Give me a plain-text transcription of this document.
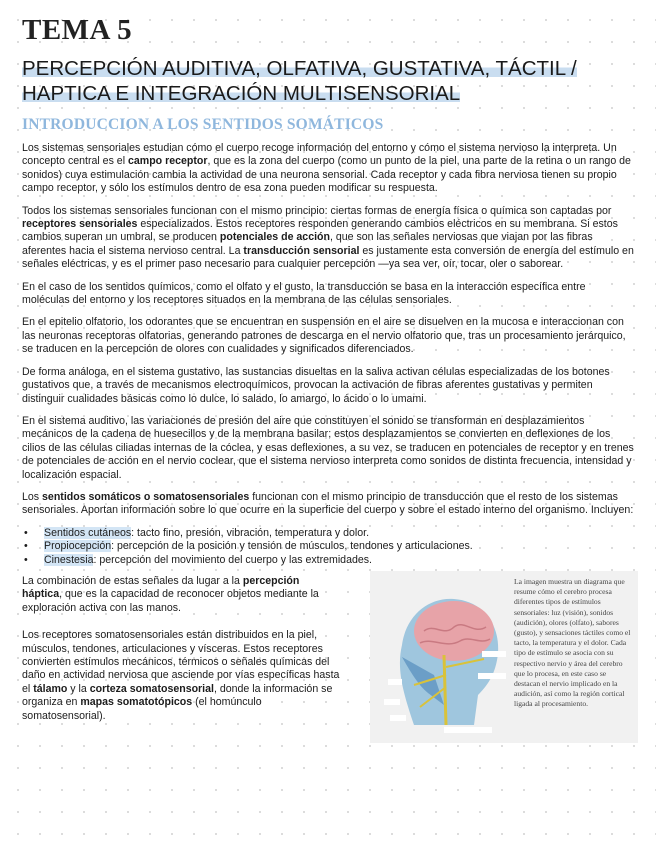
TEMA 5
PERCEPCIÓN AUDITIVA, OLFATIVA, GUSTATIVA, TÁCTIL /
HAPTICA E INTEGRACIÓN MULTISENSORIAL
INTRODUCCION A LOS SENTIDOS SOMÁTICOS

Los sistemas sensoriales estudian cómo el cuerpo recoge información del entorno y cómo el sistema nervioso la interpreta. Un concepto central es el campo receptor, que es la zona del cuerpo (como un punto de la piel, una parte de la retina o un rango de sonidos) cuya estimulación cambia la actividad de una neurona sensorial. Cada receptor y cada fibra nerviosa tienen su propio campo receptor, y sólo los estímulos dentro de esa zona pueden modificar su respuesta.

Todos los sistemas sensoriales funcionan con el mismo principio: ciertas formas de energía física o química son captadas por receptores sensoriales especializados. Estos receptores responden generando cambios eléctricos en su membrana. Si estos cambios superan un umbral, se producen potenciales de acción, que son las señales nerviosas que viajan por las fibras aferentes hacia el sistema nervioso central. La transducción sensorial es justamente esta conversión de energía del estímulo en señales eléctricas, y es el primer paso necesario para cualquier percepción —ya sea ver, oír, tocar, oler o saborear.

En el caso de los sentidos químicos, como el olfato y el gusto, la transducción se basa en la interacción específica entre moléculas del entorno y los receptores situados en la membrana de las células sensoriales.

En el epitelio olfatorio, los odorantes que se encuentran en suspensión en el aire se disuelven en la mucosa e interaccionan con las neuronas receptoras olfatorias, generando patrones de descarga en el nervio olfatorio que, tras un procesamiento jerárquico, se traducen en la percepción de olores con cualidades y significados diferenciados.

De forma análoga, en el sistema gustativo, las sustancias disueltas en la saliva activan células especializadas de los botones gustativos que, a través de mecanismos electroquímicos, provocan la activación de fibras aferentes gustativas y permiten distinguir cualidades básicas como lo dulce, lo salado, lo amargo, lo ácido o lo umami.

En el sistema auditivo, las variaciones de presión del aire que constituyen el sonido se transforman en desplazamientos mecánicos de la cadena de huesecillos y de la membrana basilar; estos desplazamientos se convierten en deflexiones de los cilios de las células ciliadas internas de la cóclea, y esas deflexiones, a su vez, se traducen en potenciales de receptor y en trenes de potenciales de acción en el nervio coclear, que el sistema nervioso interpreta como sonidos de distinta frecuencia, intensidad y localización espacial.

Los sentidos somáticos o somatosensoriales funcionan con el mismo principio de transducción que el resto de los sistemas sensoriales. Aportan información sobre lo que ocurre en la superficie del cuerpo y sobre el estado interno del organismo. Incluyen:

• Sentidos cutáneos: tacto fino, presión, vibración, temperatura y dolor.
• Propiocepción: percepción de la posición y tensión de músculos, tendones y articulaciones.
• Cinestesia: percepción del movimiento del cuerpo y las extremidades.

La combinación de estas señales da lugar a la percepción háptica, que es la capacidad de reconocer objetos mediante la exploración activa con las manos.

Los receptores somatosensoriales están distribuidos en la piel, músculos, tendones, articulaciones y vísceras. Estos receptores convierten estímulos mecánicos, térmicos o señales químicas del daño en actividad nerviosa que asciende por vías específicas hasta el tálamo y la corteza somatosensorial, donde la información se organiza en mapas somatotópicos (el homúnculo somatosensorial).

La imagen muestra un diagrama que resume cómo el cerebro procesa diferentes tipos de estímulos sensoriales: luz (visión), sonidos (audición), olores (olfato), sabores (gusto), y sensaciones táctiles como el tacto, la temperatura y el dolor. Cada tipo de estímulo se asocia con su respectivo nervio y área del cerebro que lo procesa, en este caso se destacan el nervio implicado en la audición, así como la región cortical ligada al procesamiento.
